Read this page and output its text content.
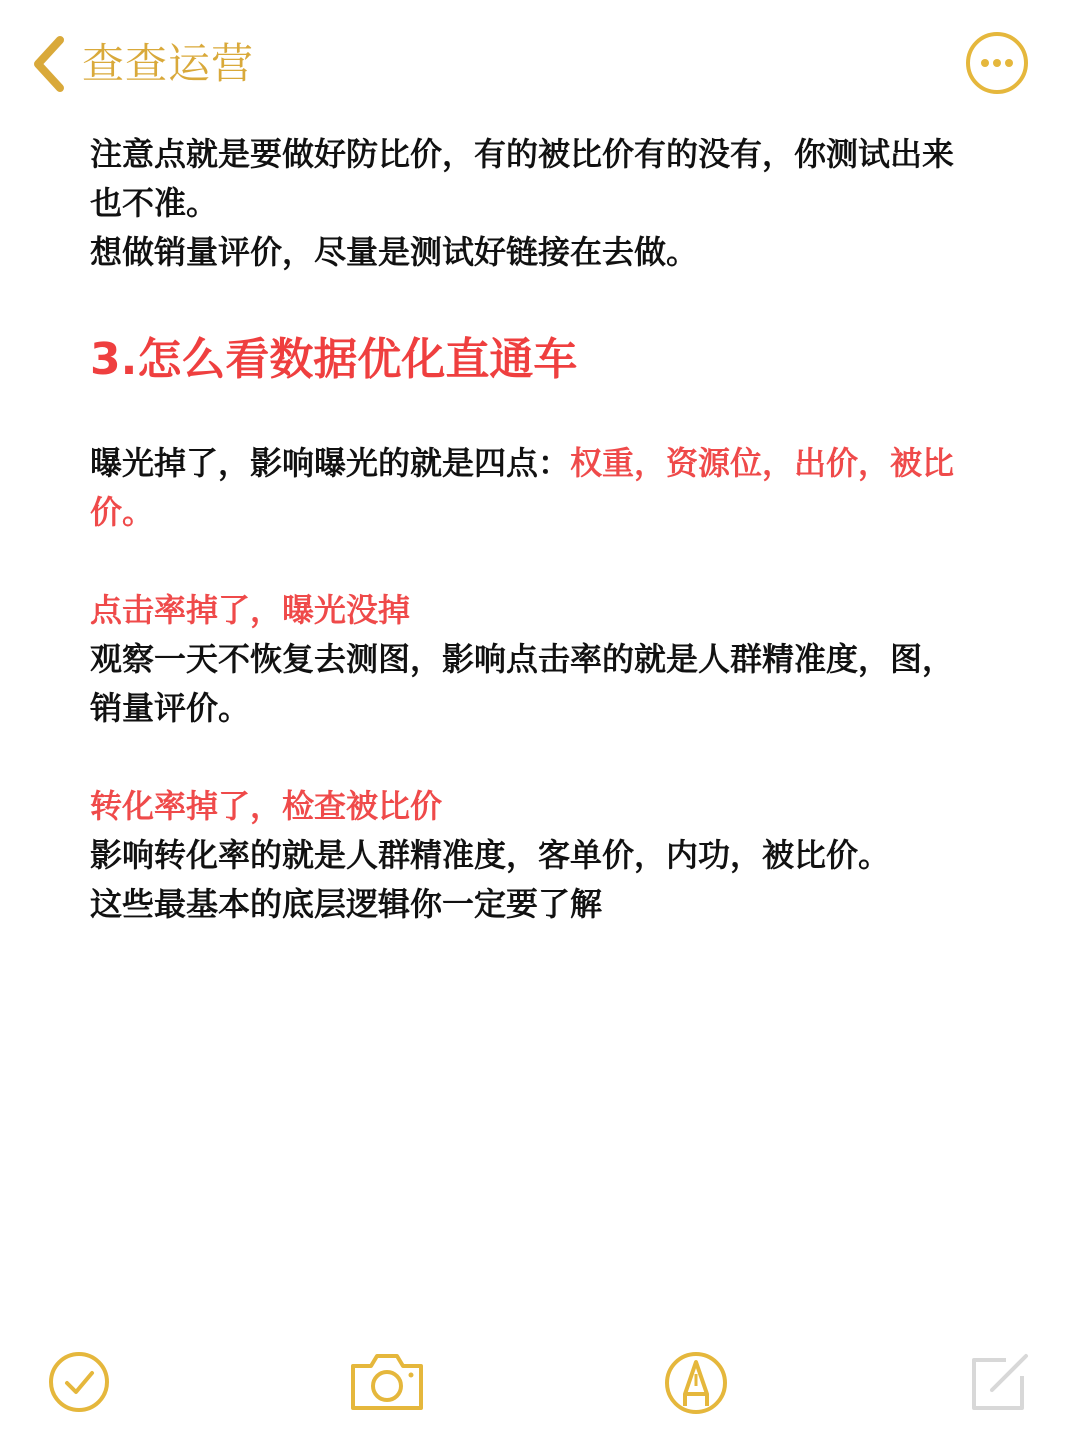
查查运营

注意点就是要做好防比价，有的被比价有的没有，你测试出来

也不准。

想做销量评价，尽量是测试好链接在去做。

3.怎么看数据优化直通车

曝光掉了，影响曝光的就是四点：权重，资源位，出价，被比

价。

点击率掉了，曝光没掉

观察一天不恢复去测图，影响点击率的就是人群精准度，图，

销量评价。

转化率掉了，检查被比价

影响转化率的就是人群精准度，客单价，内功，被比价。

这些最基本的底层逻辑你一定要了解
